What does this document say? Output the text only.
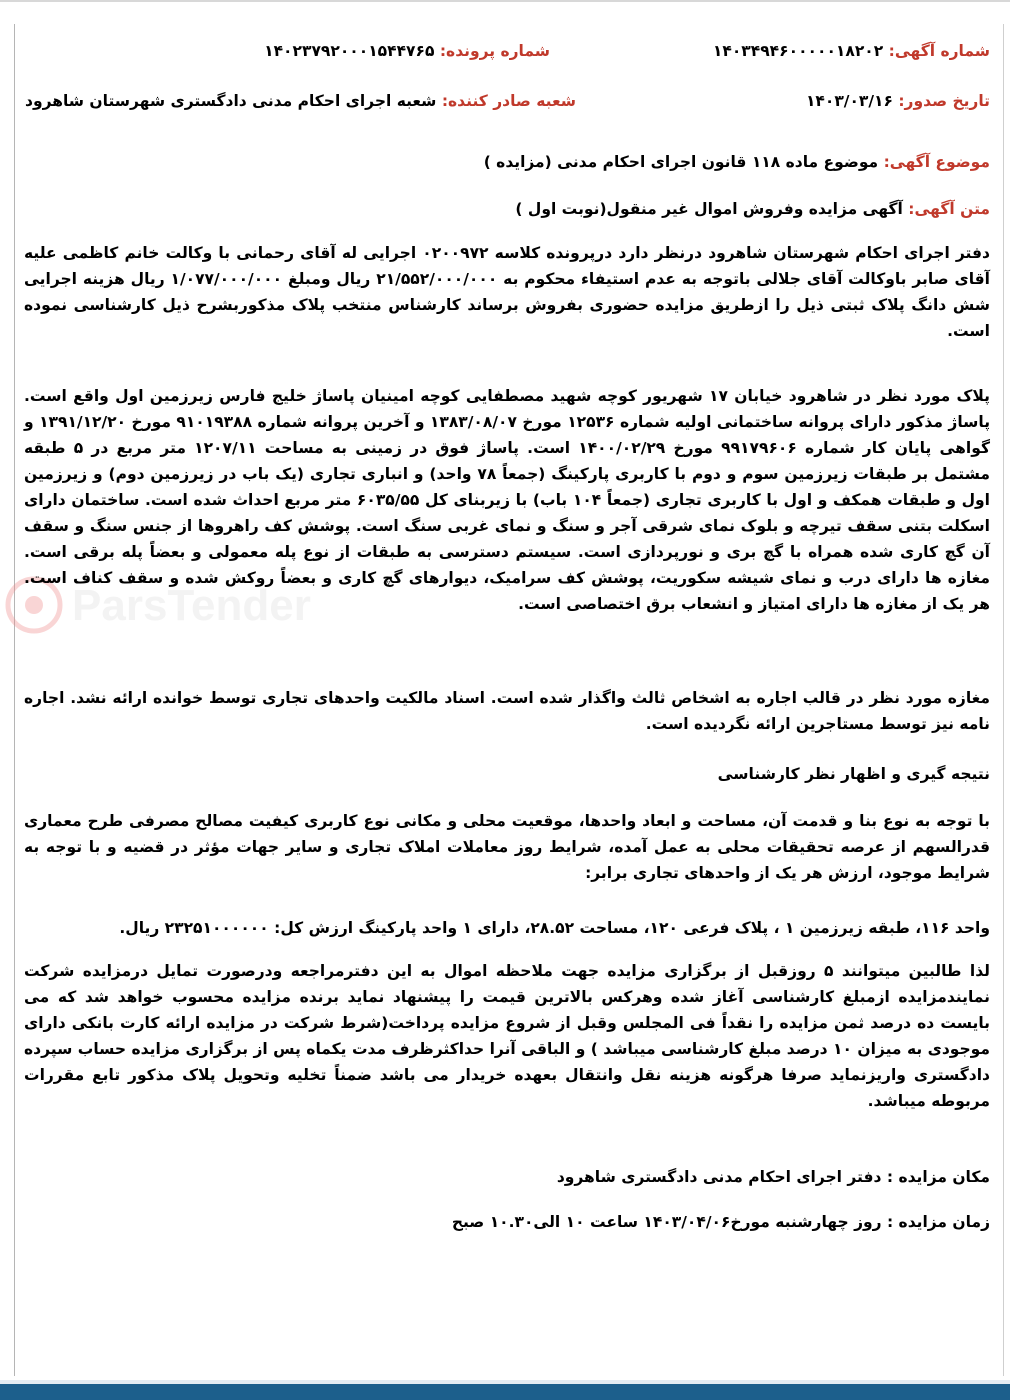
ParsTender
شماره آگهی: ۱۴۰۳۴۹۴۶۰۰۰۰۰۱۸۲۰۲
شماره پرونده: ۱۴۰۲۳۷۹۲۰۰۰۱۵۴۴۷۶۵
تاریخ صدور: ۱۴۰۳/۰۳/۱۶
شعبه صادر کننده: شعبه اجرای احکام مدنی دادگستری شهرستان شاهرود
موضوع آگهی: موضوع ماده ۱۱۸ قانون اجرای احکام مدنی (مزایده )
متن آگهی: آگهی مزایده وفروش اموال غیر منقول(نوبت اول )
دفتر اجرای احکام شهرستان شاهرود درنظر دارد درپرونده کلاسه ۰۲۰۰۹۷۲ اجرایی له آقای رحمانی با وکالت خانم کاظمی علیه آقای صابر باوکالت آقای جلالی باتوجه به عدم استیفاء محکوم به ۲۱/۵۵۲/۰۰۰/۰۰۰ ریال ومبلغ ۱/۰۷۷/۰۰۰/۰۰۰ ریال هزینه اجرایی شش دانگ پلاک ثبتی ذیل را ازطریق مزایده حضوری بفروش برساند کارشناس منتخب پلاک مذکوربشرح ذیل کارشناسی نموده است.
پلاک مورد نظر در شاهرود خیابان ۱۷ شهریور کوچه شهید مصطفایی کوچه امینیان پاساژ خلیج فارس زیرزمین اول واقع است. پاساژ مذکور دارای پروانه ساختمانی اولیه شماره ۱۲۵۳۶ مورخ ۱۳۸۳/۰۸/۰۷ و آخرین پروانه شماره ۹۱۰۱۹۳۸۸ مورخ ۱۳۹۱/۱۲/۲۰ و گواهی پایان کار شماره ۹۹۱۷۹۶۰۶ مورخ ۱۴۰۰/۰۲/۲۹ است. پاساژ فوق در زمینی به مساحت ۱۲۰۷/۱۱ متر مربع در ۵ طبقه مشتمل بر طبقات زیرزمین سوم و دوم با کاربری پارکینگ (جمعاً ۷۸ واحد) و انباری تجاری (یک باب در زیرزمین دوم) و زیرزمین اول و طبقات همکف و اول با کاربری تجاری (جمعاً ۱۰۴ باب) با زیربنای کل ۶۰۳۵/۵۵ متر مربع احداث شده است. ساختمان دارای اسکلت بتنی سقف تیرچه و بلوک نمای شرقی آجر و سنگ و نمای غربی سنگ است. پوشش کف راهروها از جنس سنگ و سقف آن گچ کاری شده همراه با گچ بری و نورپردازی است. سیستم دسترسی به طبقات از نوع پله معمولی و بعضاً پله برقی است. مغازه ها دارای درب و نمای شیشه سکوریت، پوشش کف سرامیک، دیوارهای گچ کاری و بعضاً روکش شده و سقف کناف است. هر یک از مغازه ها دارای امتیاز و انشعاب برق اختصاصی است.
مغازه مورد نظر در قالب اجاره به اشخاص ثالث واگذار شده است. اسناد مالکیت واحدهای تجاری توسط خوانده ارائه نشد. اجاره نامه نیز توسط مستاجرین ارائه نگردیده است.
نتیجه گیری و اظهار نظر کارشناسی
با توجه به نوع بنا و قدمت آن، مساحت و ابعاد واحدها، موقعیت محلی و مکانی نوع کاربری کیفیت مصالح مصرفی طرح معماری قدرالسهم از عرصه تحقیقات محلی به عمل آمده، شرایط روز معاملات املاک تجاری و سایر جهات مؤثر در قضیه و با توجه به شرایط موجود، ارزش هر یک از واحدهای تجاری برابر:
واحد ۱۱۶، طبقه زیرزمین ۱ ، پلاک فرعی ۱۲۰، مساحت ۲۸.۵۲، دارای ۱ واحد پارکینگ ارزش کل: ۲۳۲۵۱۰۰۰۰۰۰ ریال.
لذا طالبین میتوانند ۵ روزقبل از برگزاری مزایده جهت ملاحظه اموال به این دفترمراجعه ودرصورت تمایل درمزایده شرکت نمایندمزایده ازمبلغ کارشناسی آغاز شده وهرکس بالاترین قیمت را پیشنهاد نماید برنده مزایده محسوب خواهد شد که می بایست ده درصد ثمن مزایده را نقداً فی المجلس وقبل از شروع مزایده پرداخت(شرط شرکت در مزایده ارائه کارت بانکی دارای موجودی به میزان ۱۰ درصد مبلغ کارشناسی میباشد ) و الباقی آنرا حداکثرظرف مدت یکماه پس از برگزاری مزایده حساب سپرده دادگستری واریزنماید صرفا هرگونه هزینه نقل وانتقال بعهده خریدار می باشد ضمناً تخلیه وتحویل پلاک مذکور تابع مقررات مربوطه میباشد.
مکان مزایده : دفتر اجرای احکام مدنی دادگستری شاهرود
زمان مزایده : روز چهارشنبه مورخ۱۴۰۳/۰۴/۰۶ ساعت ۱۰ الی۱۰.۳۰ صبح
